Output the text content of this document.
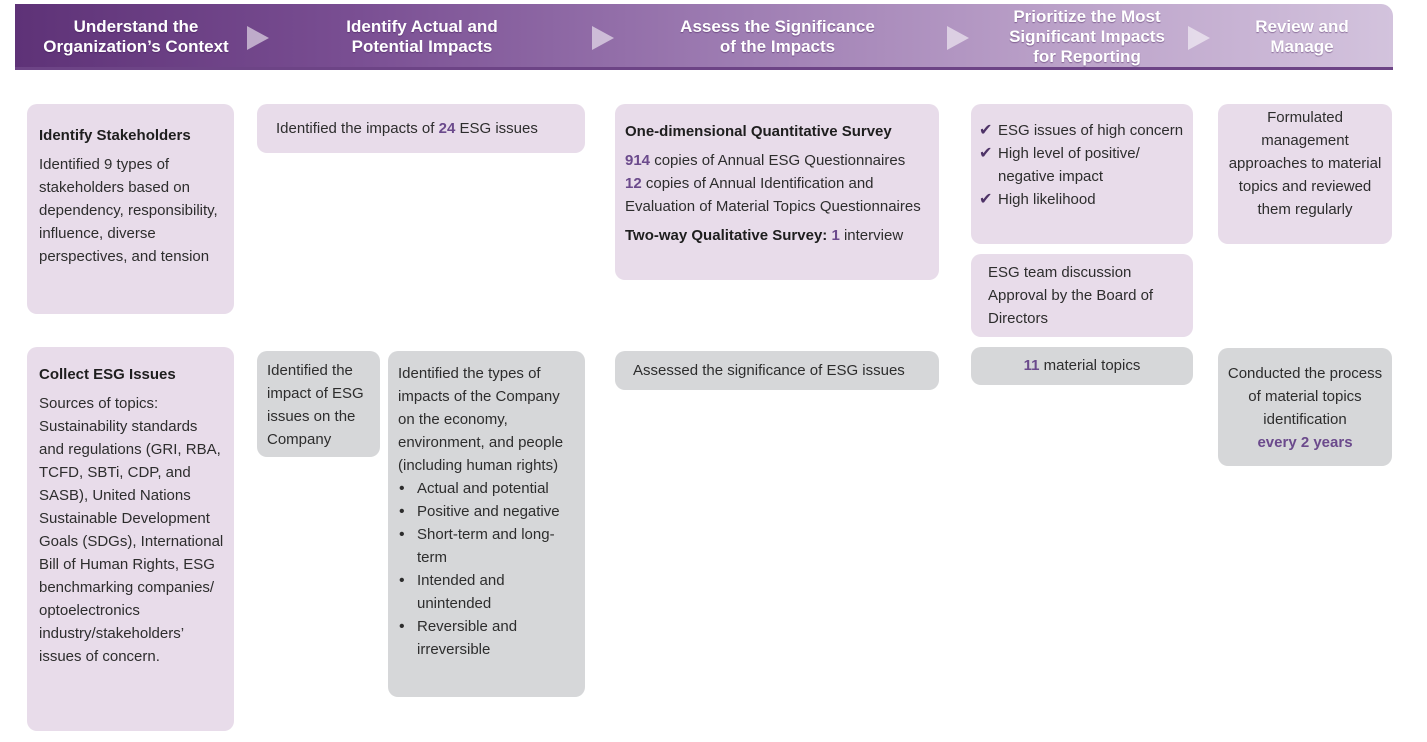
Understand the
Organization’s Context
Identify Actual and
Potential Impacts
Assess the Significance
of the Impacts
Prioritize the Most
Significant Impacts
for Reporting
Review and
Manage
Identify Stakeholders
Identified 9 types of stakeholders based on dependency, responsibility, influence, diverse perspectives, and tension
Collect ESG Issues
Sources of topics: Sustainability standards and regulations (GRI, RBA, TCFD, SBTi, CDP, and SASB), United Nations Sustainable Development Goals (SDGs), International Bill of Human Rights, ESG benchmarking companies/ optoelectronics industry/stakeholders’ issues of concern.
Identified the impacts of 24 ESG issues
Identified the impact of ESG issues on the Company
Identified the types of impacts of the Company on the economy, environment, and people (including human rights)
• Actual and potential
• Positive and negative
• Short-term and long-term
• Intended and unintended
• Reversible and irreversible
One-dimensional Quantitative Survey
914 copies of Annual ESG Questionnaires
12 copies of Annual Identification and Evaluation of Material Topics Questionnaires
Two-way Qualitative Survey: 1 interview
Assessed the significance of ESG issues
✔ ESG issues of high concern
✔ High level of positive/ negative impact
✔ High likelihood
ESG team discussion
Approval by the Board of Directors
11 material topics
Formulated management approaches to material topics and reviewed them regularly
Conducted the process of material topics identification
every 2 years
